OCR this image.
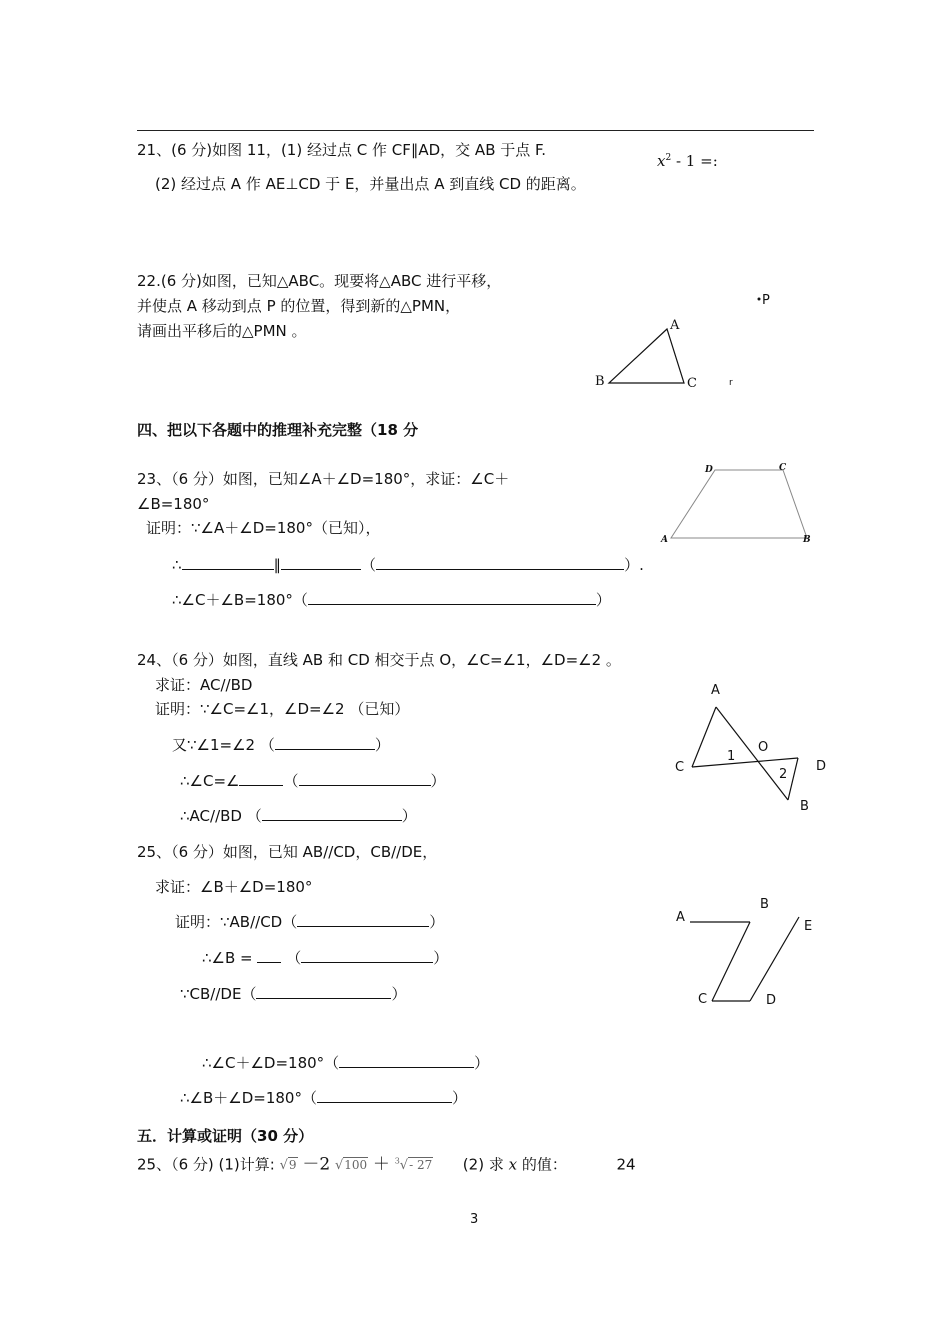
21、(6 分)如图 11，(1) 经过点 C 作 CF∥AD，交 AB 于点 F.
(2) 经过点 A 作 AE⊥CD 于 E，并量出点 A 到直线 CD 的距离。
$x^2 - 1$ =:
22.(6 分)如图，已知△ABC。现要将△ABC 进行平移，
并使点 A 移动到点 P 的位置，得到新的△PMN，
请画出平移后的△PMN 。	A
B	C
P
r
四、把以下各题中的推理补充完整（18 分
23、（6 分）如图，已知∠A＋∠D=180°，求证：∠C＋
∠B=180°
证明：∵∠A＋∠D=180°（已知），
∴	∥	（	）.
∴∠C＋∠B=180°（	）
D	C
A	B
24、（6 分）如图，直线 AB 和 CD 相交于点 O，∠C=∠1，∠D=∠2 。
求证：AC//BD
证明：∵∠C=∠1，∠D=∠2 （已知）
又∵∠1=∠2 （	）
∴∠C=∠	（	）
∴AC//BD （	）
A
C
O
D
B
1
2
25、（6 分）如图，已知 AB//CD，CB//DE，
求证：∠B＋∠D=180°
证明：∵AB//CD（	）
∴∠B = （	）
∵CB//DE（	）
∴∠C＋∠D=180°（	）
∴∠B＋∠D=180°（	）
A
B
E
C	D
五．计算或证明（30 分）
25、（6 分) (1)计算: √9 －2 √100 ＋ $^3$√- 27 (2) 求 x 的值：	24
3
